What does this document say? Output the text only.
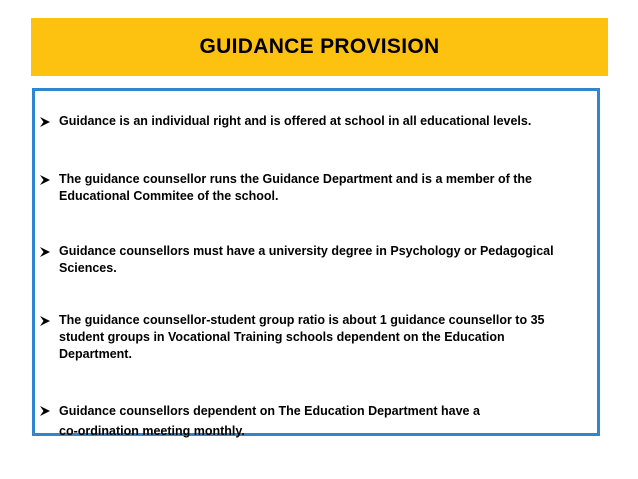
GUIDANCE PROVISION
Guidance is an individual right and is offered at school in all educational levels.
The guidance counsellor runs the Guidance Department and is a member of the
Educational Commitee of the school.
Guidance counsellors must have a university degree in Psychology or Pedagogical
Sciences.
The guidance counsellor-student group ratio is about 1 guidance counsellor to 35
student groups in Vocational Training schools dependent on the Education
Department.
Guidance counsellors dependent on The Education Department have a
co-ordination meeting monthly.
